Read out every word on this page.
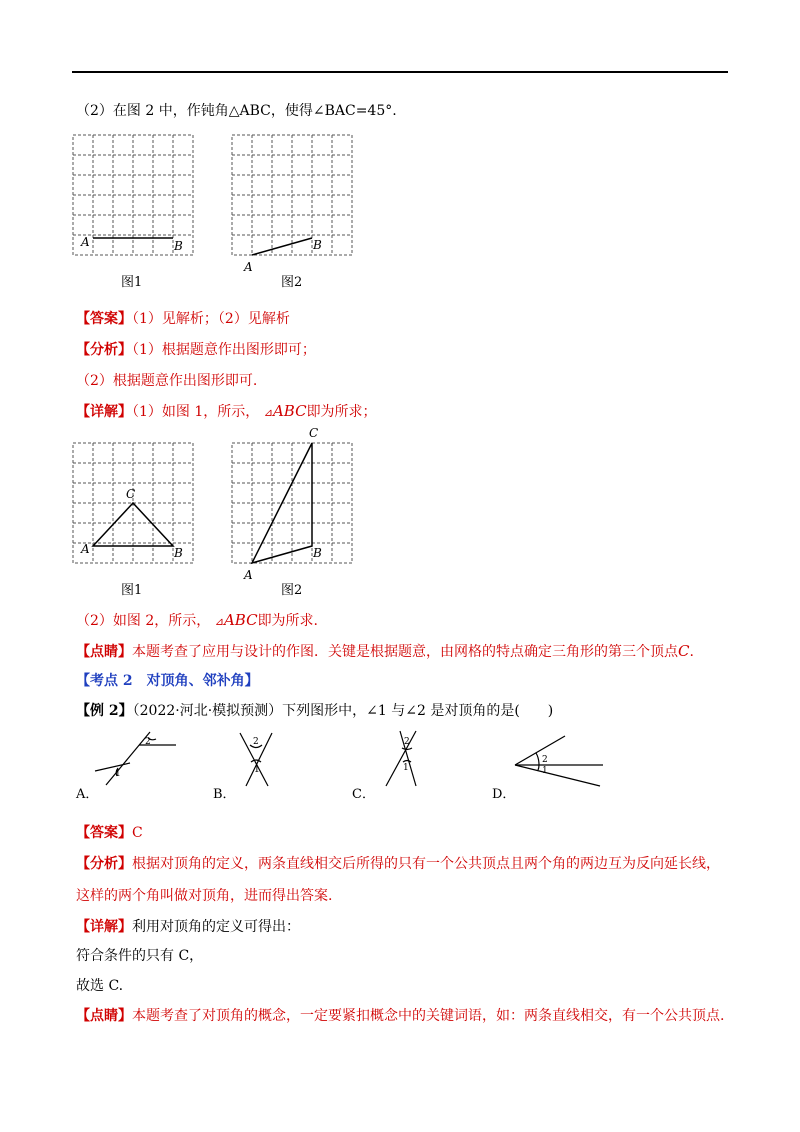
（2）在图 2 中，作钝角△ABC，使得∠BAC=45°.
A	B
图1
A
B
图2
【答案】（1）见解析；（2）见解析
【分析】（1）根据题意作出图形即可；
（2）根据题意作出图形即可.
【详解】（1）如图 1，所示， ⊿ABC即为所求；
A	B
C
图1
A
B
C
图2
（2）如图 2，所示， ⊿ABC即为所求.
【点睛】本题考查了应用与设计的作图．关键是根据题意，由网格的特点确定三角形的第三个顶点C.
【考点 2　对顶角、邻补角】
【例 2】（2022·河北·模拟预测）下列图形中，∠1 与∠2 是对顶角的是(　　)
1
2
A．
2
1
B．
2
1
C．
2
1
D．
【答案】C
【分析】根据对顶角的定义，两条直线相交后所得的只有一个公共顶点且两个角的两边互为反向延长线，
这样的两个角叫做对顶角，进而得出答案.
【详解】利用对顶角的定义可得出：
符合条件的只有 C，
故选 C.
【点睛】本题考查了对顶角的概念，一定要紧扣概念中的关键词语，如：两条直线相交，有一个公共顶点.
